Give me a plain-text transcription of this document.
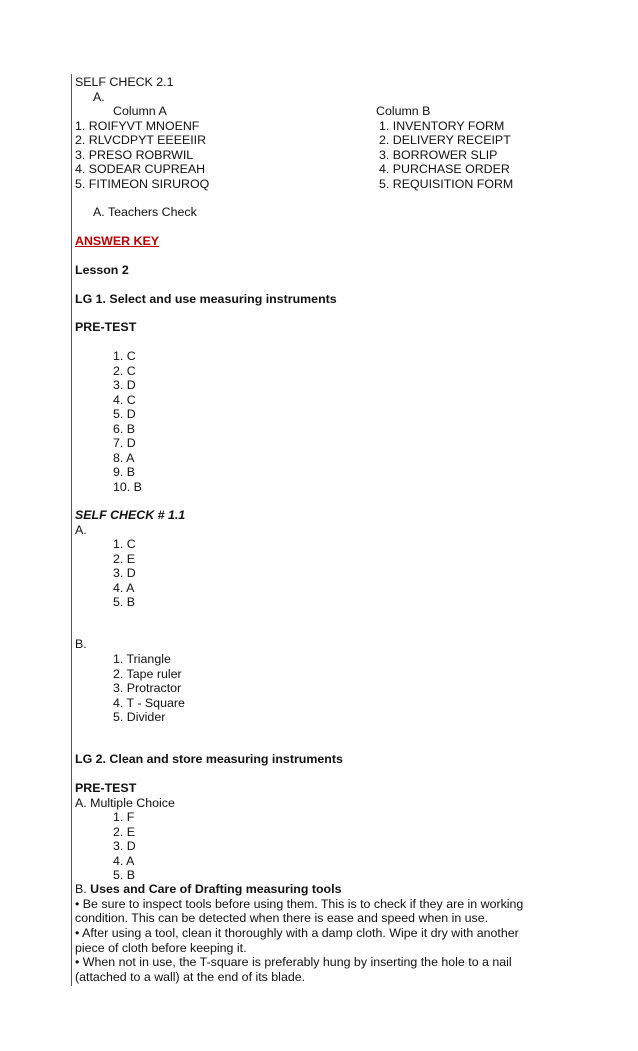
SELF CHECK 2.1
A.
Column A	Column B
1. ROIFYVT MNOENF
2. RLVCDPYT EEEEIIR
3. PRESO ROBRWIL
4. SODEAR CUPREAH
5. FITIMEON SIRUROQ
1. INVENTORY FORM
2. DELIVERY RECEIPT
3. BORROWER SLIP
4. PURCHASE ORDER
5. REQUISITION FORM
A. Teachers Check
ANSWER KEY
Lesson 2
LG 1. Select and use measuring instruments
PRE-TEST
1. C
2. C
3. D
4. C
5. D
6. B
7. D
8. A
9. B
10. B
SELF CHECK # 1.1
A.
1. C
2. E
3. D
4. A
5. B
B.
1. Triangle
2. Tape ruler
3. Protractor
4. T - Square
5. Divider
LG 2. Clean and store measuring instruments
PRE-TEST
A. Multiple Choice
1. F
2. E
3. D
4. A
5. B
B. Uses and Care of Drafting measuring tools
• Be sure to inspect tools before using them. This is to check if they are in working condition. This can be detected when there is ease and speed when in use.
• After using a tool, clean it thoroughly with a damp cloth. Wipe it dry with another piece of cloth before keeping it.
• When not in use, the T-square is preferably hung by inserting the hole to a nail (attached to a wall) at the end of its blade.
